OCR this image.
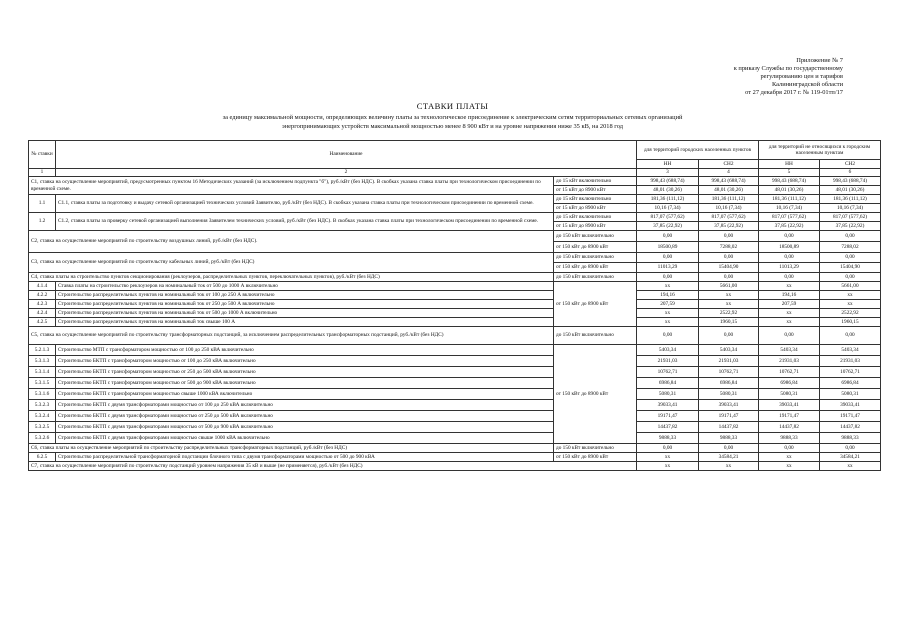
Приложение № 7
к приказу Службы по государственному
регулированию цен и тарифов
Калининградской области
от 27 декабря 2017 г. № 119-01тп/17
СТАВКИ ПЛАТЫ
за единицу максимальной мощности, определяющих величину платы за технологическое присоединение к электрическим сетям территориальных сетевых организаций
энергопринимающих устройств максимальной мощностью менее 8 900 кВт и на уровне напряжения ниже 35 кВ, на 2018 год
№ ставки	Наименование		для территорий городских населенных пунктов		для территорий не относящихся к городским населенным пунктам	
			НН	СН2	НН	СН2
1	2		3	4	5	6
С1, ставка на осуществление мероприятий, предусмотренных пунктом 16 Методических указаний (за исключением подпункта "б"), руб./кВт (без НДС). В скобках указана ставка платы при технологическом присоединении по временной схеме.		до 15 кВт включительно	998,43 (688,74)	998,43 (688,74)	998,43 (688,74)	998,43 (688,74)
		от 15 кВт до 8900 кВт	48,01 (30,26)	48,01 (30,26)	48,01 (30,26)	48,01 (30,26)
1.1	С1.1, ставка платы за подготовку и выдачу сетевой организацией технических условий Заявителю, руб./кВт (без НДС). В скобках указана ставка платы при технологическом присоединении по временной схеме.	до 15 кВт включительно	181,36 (111,12)	181,36 (111,12)	181,36 (111,12)	181,36 (111,12)
		от 15 кВт до 8900 кВт	10,16 (7,34)	10,16 (7,34)	10,16 (7,34)	10,16 (7,34)
1.2	С1.2, ставка платы за проверку сетевой организацией выполнения Заявителем технических условий, руб./кВт (без НДС). В скобках указана ставка платы при технологическом присоединении по временной схеме.	до 15 кВт включительно	817,07 (577,62)	817,07 (577,62)	817,07 (577,62)	817,07 (577,62)
		от 15 кВт до 8900 кВт	37,85 (22,92)	37,85 (22,92)	37,85 (22,92)	37,85 (22,92)
С2, ставка на осуществление мероприятий по строительству воздушных линий, руб./кВт (без НДС).		до 150 кВт включительно	0,00	0,00	0,00	0,00
		от 150 кВт до 8900 кВт	18500,89	7288,02	18500,89	7288,02
С3, ставка на осуществление мероприятий по строительству кабельных линий, руб./кВт (без НДС)		до 150 кВт включительно	0,00	0,00	0,00	0,00
		от 150 кВт до 8900 кВт	11013,29	15404,90	11013,29	15404,90
С4, ставка платы на строительство пунктов секционирования (реклоузеров, распределительных пунктов, переключательных пунктов), руб./кВт (без НДС)		до 150 кВт включительно	0,00	0,00	0,00	0,00
4.1.4	Ставка платы на строительство реклоузеров на номинальный ток от 500 до 1000 А включительно	от 150 кВт до 8900 кВт	хх	5661,00	хх	5661,00
4.2.2	Строительство распределительных пунктов на номинальный ток от 100 до 250 А включительно		194,16	хх	194,16	хх
4.2.3	Строительство распределительных пунктов на номинальный ток от 250 до 500 А включительно		207,59	хх	207,59	хх
4.2.4	Строительство распределительных пунктов на номинальный ток от 500 до 1000 А включительно		хх	2522,92	хх	2522,92
4.2.5	Строительство распределительных пунктов на номинальный ток свыше 100 А		хх	1960,15	хх	1960,15
С5, ставка на осуществление мероприятий по строительству трансформаторных подстанций, за исключением распределительных трансформаторных подстанций, руб./кВт (без НДС)		до 150 кВт включительно	0,00	0,00	0,00	0,00
5.2.1.3	Строительство МТП с трансформатором мощностью от 100 до 250 кВА включительно	от 150 кВт до 8900 кВт	5403,34	5403,34	5403,34	5403,34
5.3.1.3	Строительство БКТП с трансформатором мощностью от 100 до 250 кВА включительно		21931,03	21931,03	21931,03	21931,03
5.3.1.4	Строительство БКТП с трансформатором мощностью от 250 до 500 кВА включительно		10762,71	10762,71	10762,71	10762,71
5.3.1.5	Строительство БКТП с трансформатором мощностью от 500 до 900 кВА включительно		6986,84	6986,84	6986,84	6986,84
5.3.1.6	Строительство БКТП с трансформатором мощностью свыше 1000 кВА включительно		5080,31	5080,31	5080,31	5080,31
5.3.2.3	Строительство БКТП с двумя трансформаторами мощностью от 100 до 250 кВА включительно		39033,41	39033,41	39033,41	39033,41
5.3.2.4	Строительство БКТП с двумя трансформаторами мощностью от 250 до 500 кВА включительно		19171,47	19171,47	19171,47	19171,47
5.3.2.5	Строительство БКТП с двумя трансформаторами мощностью от 500 до 900 кВА включительно		14437,82	14437,82	14437,82	14437,82
5.3.2.6	Строительство БКТП с двумя трансформаторами мощностью свыше 1000 кВА включительно		9888,33	9888,33	9888,33	9888,33
С6, ставка платы на осуществление мероприятий по строительству распределительных трансформаторных подстанций, руб./кВт (без НДС)		до 150 кВт включительно	0,00	0,00	0,00	0,00
6.2.5	Строительство распределительной трансформаторной подстанции блочного типа с двумя трансформаторами мощностью от 500 до 900 кВА	от 150 кВт до 8900 кВт	хх	34584,21	хх	34584,21
С7, ставка на осуществление мероприятий по строительству подстанций уровнем напряжения 35 кВ и выше (не применяется), руб./кВт (без НДС)			хх	хх	хх	хх
